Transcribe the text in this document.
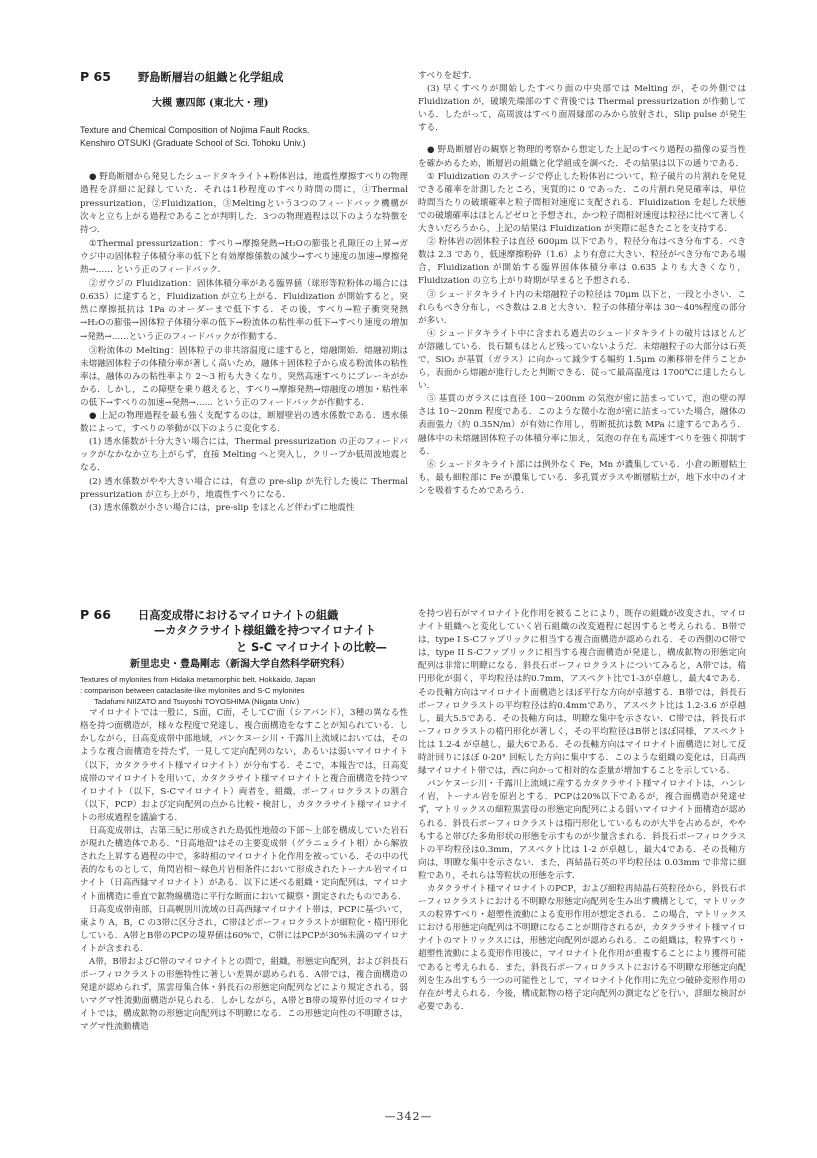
P 65	野島断層岩の組織と化学組成
大槻 憲四郎 (東北大・理)
Texture and Chemical Composition of Nojima Fault Rocks.
Kenshiro OTSUKI (Graduate School of Sci. Tohoku Univ.)

● 野島断層から発見したシュードタキライト+粉体岩は，地震性摩擦すべりの物理過程を詳細に記録していた．それは1秒程度のすべり時間の間に，①Thermal pressurization，②Fluidization，③Meltingという3つのフィードバック機構が次々と立ち上がる過程であることが判明した．3つの物理過程は以下のような特徴を持つ．

①Thermal pressurization：すべり→摩擦発熱→H₂Oの膨張と孔隙圧の上昇→ガウジ中の固体粒子体積分率の低下と有効摩擦係数の減少→すべり速度の加速→摩擦発熱→…… という正のフィードバック．

②ガウジの Fluidization：固体体積分率がある臨界値（球形等粒粉体の場合には 0.635）に達すると，Fluidization が立ち上がる．Fluidization が開始すると，突然に摩擦抵抗は 1Pa のオーダーまで低下する．その後，すべり→粒子衝突発熱→H₂Oの膨張→固体粒子体積分率の低下→粉流体の粘性率の低下→すべり速度の増加→発熱→……という正のフィードバックが作動する．

③粉流体の Melting：固体粒子の非共溶温度に達すると，熔融開始．熔融初期は未熔融固体粒子の体積分率が著しく高いため，融体＋固体粒子から成る粉流体の粘性率は，融体のみの粘性率より 2〜3 桁も大きくなり，突然高速すべりにブレーキがかかる．しかし，この障壁を乗り越えると，すべり→摩擦発熱→熔融度の増加・粘性率の低下→すべりの加速→発熱→…… という正のフィードバックが作動する．

● 上記の物理過程を最も強く支配するのは，断層壁岩の透水係数である．透水係数によって，すべりの挙動が以下のように変化する．

(1) 透水係数が十分大きい場合には，Thermal pressurization の正のフィードバックがなかなか立ち上がらず，直接 Melting へと突入し，クリープか低周波地震となる．

(2) 透水係数がやや大きい場合には，有意の pre-slip が先行した後に Thermal pressurization が立ち上がり，地震性すべりになる．

(3) 透水係数が小さい場合には，pre-slip をほとんど伴わずに地震性

すべりを起す．

(3) 早くすべりが開始したすべり面の中央部では Melting が，その外側では Fluidization が，破壊先端部のすぐ背後では Thermal pressurization が作動している．したがって，高周波はすべり面周縁部のみから放射され，Slip pulse が発生する．

● 野島断層岩の観察と物理的考察から想定した上記のすべり過程の描像の妥当性を確かめるため，断層岩の組織と化学組成を調べた．その結果は以下の通りである．

① Fluidization のステージで停止した粉体岩について，粒子破片の片割れを発見できる確率を計測したところ，実質的に 0 であった．この片割れ発見確率は，単位時間当たりの破壊確率と粒子間相対速度に支配される．Fluidization を起した状態での破壊確率はほとんどゼロと予想され，かつ粒子間相対速度は粒径に比べて著しく大きいだろうから，上記の結果は Fluidization が実際に起きたことを支持する．

② 粉体岩の固体粒子は直径 600μm 以下であり，粒径分布はべき分布する．べき数は 2.3 であり，低速摩擦粉砕（1.6）より有意に大きい．粒径がべき分布である場合，Fluidization が開始する臨界固体体積分率は 0.635 よりも大きくなり，Fluidization の立ち上がり時期が早まると予想される．

③ シュードタキライト内の未熔融粒子の粒径は 70μm 以下と，一段と小さい．これらもべき分布し，べき数は 2.8 と大きい．粒子の体積分率は 30〜40%程度の部分が多い．

④ シュードタキライト中に含まれる過去のシュードタキライトの破片はほとんどが溶融している．長石類もほとんど残っていないようだ．未熔融粒子の大部分は石英で，SiO₂ が基質（ガラス）に向かって減少する幅約 1.5μm の漸移帯を伴うことから，表面から熔融が進行したと判断できる．従って最高温度は 1700℃に達したらしい．

⑤ 基質のガラスには直径 100〜200nm の気泡が密に詰まっていて，泡の壁の厚さは 10〜20nm 程度である．このような微小な泡が密に詰まっていた場合，融体の表面張力（約 0.35N/m）が有効に作用し，剪断抵抗は数 MPa に達するであろう．融体中の未熔融固体粒子の体積分率に加え，気泡の存在も高速すべりを強く抑制する．

⑥ シュードタキライト部には例外なく Fe，Mn が濃集している．小倉の断層粘土も，最も細粒部に Fe が濃集している．多孔質ガラスや断層粘土が，地下水中のイオンを吸着するためであろう．

P 66	日高変成帯におけるマイロナイトの組織
—カタクラサイト様組織を持つマイロナイト
と S-C マイロナイトの比較—
新里忠史・豊島剛志（新潟大学自然科学研究科）
Textures of mylonites from Hidaka metamorphic belt, Hokkaido, Japan
: comparison between cataclasite-like mylonites and S-C mylonites
Tadafumi NIIZATO and Tsuyoshi TOYOSHIMA (Niigata Univ.)

マイロナイトでは一般に，S面，C面，そしてC'面（シアバンド），3種の異なる性格を持つ面構造が，様々な程度で発達し，複合面構造をなすことが知られている．しかしながら，日高変成帯中部地域，パンケヌーシ川・千露川上流域においては，そのような複合面構造を持たず，一見して定向配列のない，あるいは弱いマイロナイト（以下，カタクラサイト様マイロナイト）が分布する．そこで，本報告では，日高変成帯のマイロナイトを用いて，カタクラサイト様マイロナイトと複合面構造を持つマイロナイト（以下，S-Cマイロナイト）両者を，組織，ポーフィロクラストの割合（以下，PCP）および定向配列の点から比較・検討し，カタクラサイト様マイロナイトの形成過程を議論する．

日高変成帯は，古第三紀に形成された島弧性地殻の下部〜上部を構成していた岩石が現れた構造体である．"日高地殻"はその主要変成帯（グラニュライト相）から解放された上昇する過程の中で，多時相のマイロナイト化作用を被っている．その中の代表的なものとして，角閃岩相〜緑色片岩相条件において形成されたトーナル岩マイロナイト（日高西縁マイロナイト）がある．以下に述べる組織・定向配列は，マイロナイト面構造に垂直で鉱物線構造に平行な断面において観察・測定されたものである．

日高変成帯南部，日高幌別川流域の日高西縁マイロナイト帯は，PCPに基づいて，東より A，B，C の3帯に区分され，C帯ほどポーフィロクラストが細粒化・楕円形化している．A帯とB帯のPCPの境界値は60%で，C帯にはPCPが30%未満のマイロナイトが含まれる．

A帯，B帯およびC帯のマイロナイトとの間で，組織，形態定向配列，および斜長石ポーフィロクラストの形態特性に著しい差異が認められる．A帯では，複合面構造の発達が認められず，黒雲母集合体・斜長石の形態定向配列などにより規定される，弱いマグマ性流動面構造が見られる．しかしながら，A帯とB帯の境界付近のマイロナイトでは，構成鉱物の形態定向配列は不明瞭になる．この形態定向性の不明瞭さは，マグマ性流動構造

を持つ岩石がマイロナイト化作用を被ることにより，既存の組織が改変され，マイロナイト組織へと変化していく岩石組織の改変過程に起因すると考えられる．B帯では，type I S-Cファブリックに相当する複合面構造が認められる．その西側のC帯では，type II S-Cファブリックに相当する複合面構造が発達し，構成鉱物の形態定向配列は非常に明瞭になる．斜長石ポーフィロクラストについてみると，A帯では，楕円形化が弱く，平均粒径は約0.7mm，アスペクト比で1-3が卓越し，最大4である．その長軸方向はマイロナイト面構造とほぼ平行な方向が卓越する．B帯では，斜長石ポーフィロクラストの平均粒径は約0.4mmであり，アスペクト比は 1.2-3.6 が卓越し，最大5.5である．その長軸方向は，明瞭な集中を示さない．C帯では，斜長石ポーフィロクラストの楕円形化が著しく，その平均粒径はB帯とほぼ同様，アスペクト比は 1.2-4 が卓越し，最大6である．その長軸方向はマイロナイト面構造に対して反時計回りにほぼ 0-20° 回転した方向に集中する．このような組織の変化は，日高西縁マイロナイト帯では，西に向かって相対的な歪量が増加することを示している．

パンケヌーシ川・千露川上流域に産するカタクラサイト様マイロナイトは，ハンレイ岩，トーナル岩を原岩とする．PCPは20%以下であるが，複合面構造が発達せず，マトリックスの細粒黒雲母の形態定向配列による弱いマイロナイト面構造が認められる．斜長石ポーフィロクラストは楕円形化しているものが大半を占めるが，ややもすると帯びた多角形状の形態を示すものが少量含まれる．斜長石ポーフィロクラストの平均粒径は0.3mm，アスペクト比は 1-2 が卓越し，最大4である．その長軸方向は，明瞭な集中を示さない．また，再結晶石英の平均粒径は 0.03mm で非常に細粒であり，それらは等粒状の形態を示す．

カタクラサイト様マイロナイトのPCP，および細粒再結晶石英粒径から，斜長石ポーフィロクラストにおける不明瞭な形態定向配列を生み出す機構として，マトリックスの粒界すべり・超塑性流動による変形作用が想定される．この場合，マトリックスにおける形態定向配列は不明瞭になることが期待されるが，カタクラサイト様マイロナイトのマトリックスには，形態定向配列が認められる．この組織は，粒界すべり・超塑性流動による変形作用後に，マイロナイト化作用が重複することにより獲得可能であると考えられる．また，斜長石ポーフィロクラストにおける不明瞭な形態定向配列を生み出すもう一つの可能性として，マイロナイト化作用に先立つ破砕変形作用の存在が考えられる．今後，構成鉱物の格子定向配列の測定などを行い，詳細な検討が必要である．

—342—
